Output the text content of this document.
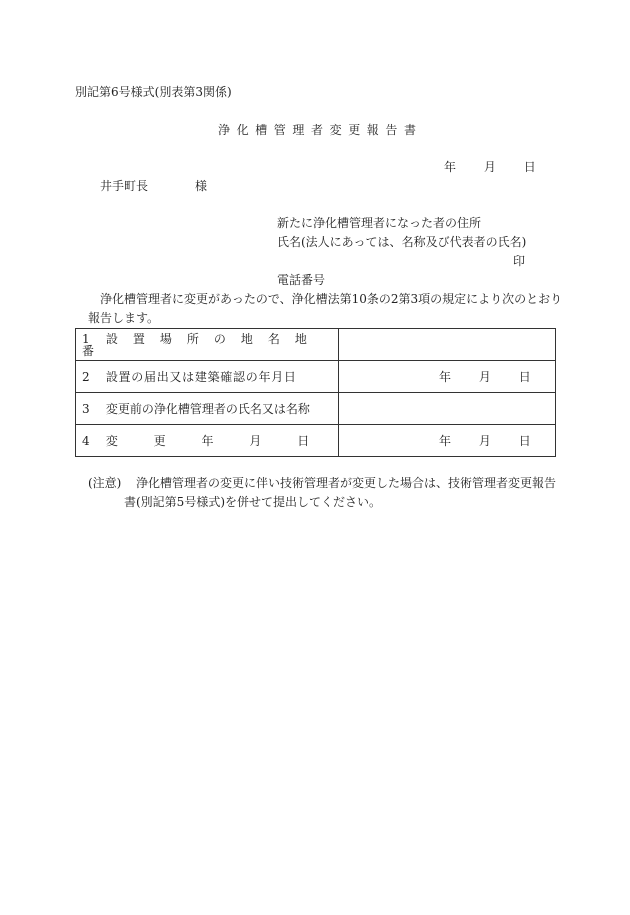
別記第6号様式(別表第3関係)
浄化槽管理者変更報告書
年 月 日
井手町長	様
新たに浄化槽管理者になった者の住所
氏名(法人にあっては、名称及び代表者の氏名)
印
電話番号
浄化槽管理者に変更があったので、浄化槽法第10条の2第3項の規定により次のとおり
報告します。
1 設置場所の地名地番	
2 設置の届出又は建築確認の年月日	年 月 日

3 変更前の浄化槽管理者の氏名又は名称	
4 変 更 年 月 日	年 月 日
(注意) 浄化槽管理者の変更に伴い技術管理者が変更した場合は、技術管理者変更報告
書(別記第5号様式)を併せて提出してください。
